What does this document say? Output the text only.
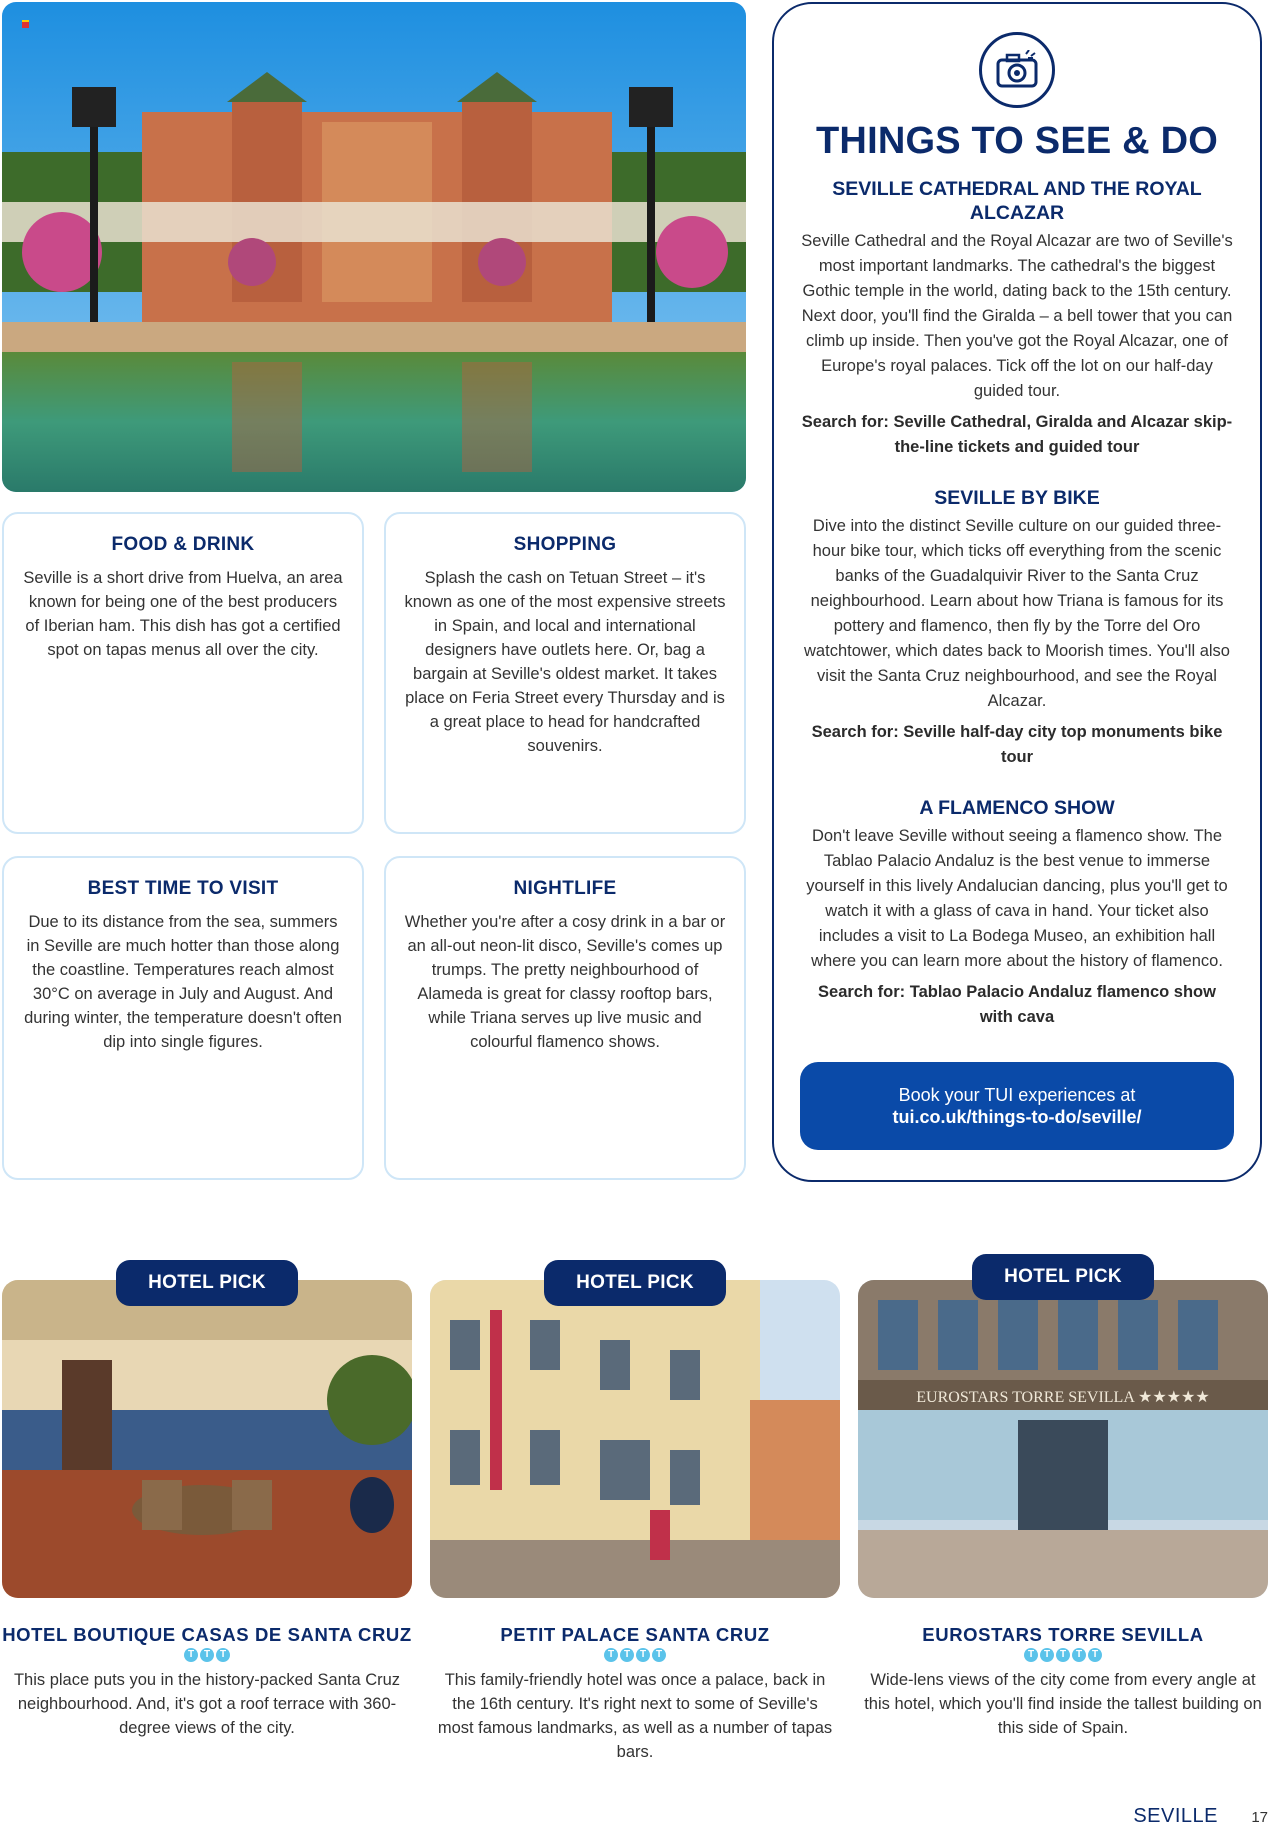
FOOD & DRINK

Seville is a short drive from Huelva, an area known for being one of the best producers of Iberian ham. This dish has got a certified spot on tapas menus all over the city.

SHOPPING

Splash the cash on Tetuan Street – it's known as one of the most expensive streets in Spain, and local and international designers have outlets here. Or, bag a bargain at Seville's oldest market. It takes place on Feria Street every Thursday and is a great place to head for handcrafted souvenirs.

BEST TIME TO VISIT

Due to its distance from the sea, summers in Seville are much hotter than those along the coastline. Temperatures reach almost 30°C on average in July and August. And during winter, the temperature doesn't often dip into single figures.

NIGHTLIFE

Whether you're after a cosy drink in a bar or an all-out neon-lit disco, Seville's comes up trumps. The pretty neighbourhood of Alameda is great for classy rooftop bars, while Triana serves up live music and colourful flamenco shows.

THINGS TO SEE & DO
SEVILLE CATHEDRAL AND THE ROYAL ALCAZAR

Seville Cathedral and the Royal Alcazar are two of Seville's most important landmarks. The cathedral's the biggest Gothic temple in the world, dating back to the 15th century. Next door, you'll find the Giralda – a bell tower that you can climb up inside. Then you've got the Royal Alcazar, one of Europe's royal palaces. Tick off the lot on our half-day guided tour.

Search for: Seville Cathedral, Giralda and Alcazar skip-the-line tickets and guided tour

SEVILLE BY BIKE

Dive into the distinct Seville culture on our guided three-hour bike tour, which ticks off everything from the scenic banks of the Guadalquivir River to the Santa Cruz neighbourhood. Learn about how Triana is famous for its pottery and flamenco, then fly by the Torre del Oro watchtower, which dates back to Moorish times. You'll also visit the Santa Cruz neighbourhood, and see the Royal Alcazar.

Search for: Seville half-day city top monuments bike tour

A FLAMENCO SHOW

Don't leave Seville without seeing a flamenco show. The Tablao Palacio Andaluz is the best venue to immerse yourself in this lively Andalucian dancing, plus you'll get to watch it with a glass of cava in hand. Your ticket also includes a visit to La Bodega Museo, an exhibition hall where you can learn more about the history of flamenco.

Search for: Tablao Palacio Andaluz flamenco show with cava

Book your TUI experiences at
tui.co.uk/things-to-do/seville/
HOTEL PICK
HOTEL BOUTIQUE CASAS DE SANTA CRUZ
T T T

This place puts you in the history-packed Santa Cruz neighbourhood. And, it's got a roof terrace with 360-degree views of the city.

HOTEL PICK
PETIT PALACE SANTA CRUZ
T T T T

This family-friendly hotel was once a palace, back in the 16th century. It's right next to some of Seville's most famous landmarks, as well as a number of tapas bars.

HOTEL PICK
EUROSTARS TORRE SEVILLA ★★★★★
EUROSTARS TORRE SEVILLA
T T T T T

Wide-lens views of the city come from every angle at this hotel, which you'll find inside the tallest building on this side of Spain.

SEVILLE 17
